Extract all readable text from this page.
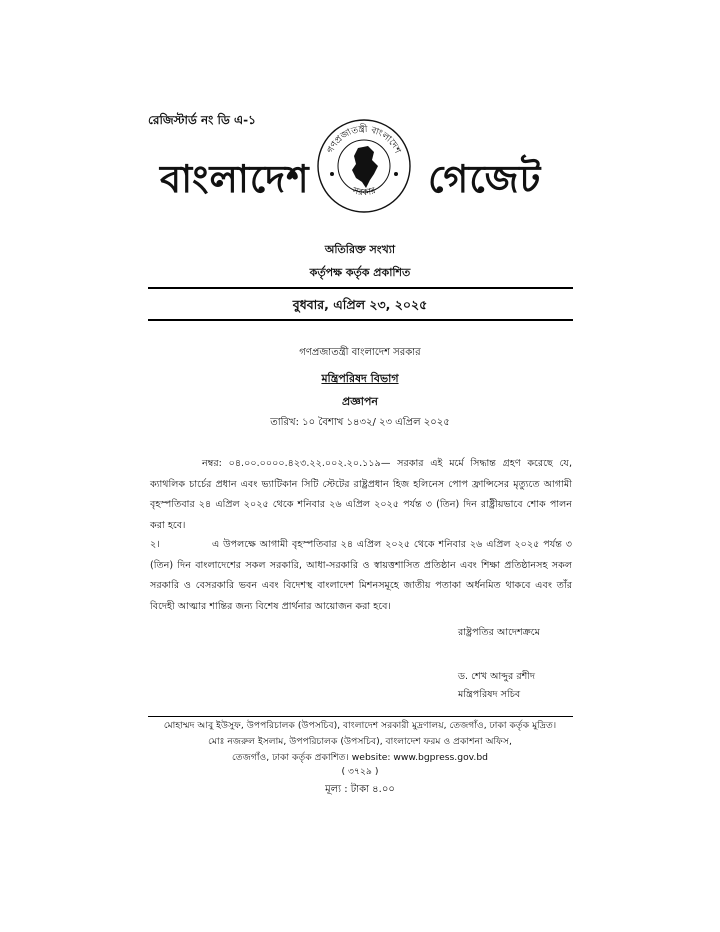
রেজিস্টার্ড নং ডি এ-১
বাংলাদেশ
গণপ্রজাতন্ত্রী বাংলাদেশ
সরকার গেজেট
অতিরিক্ত সংখ্যা
কর্তৃপক্ষ কর্তৃক প্রকাশিত
বুধবার, এপ্রিল ২৩, ২০২৫
গণপ্রজাতন্ত্রী বাংলাদেশ সরকার
মন্ত্রিপরিষদ বিভাগ
প্রজ্ঞাপন
তারিখ: ১০ বৈশাখ ১৪৩২/ ২৩ এপ্রিল ২০২৫
নম্বর: ০৪.০০.০০০০.৪২৩.২২.০০২.২০.১১৯— সরকার এই মর্মে সিদ্ধান্ত গ্রহণ করেছে যে, ক্যাথলিক চার্চের প্রধান এবং ভ্যাটিকান সিটি স্টেটের রাষ্ট্রপ্রধান হিজ হলিনেস পোপ ফ্রান্সিসের মৃত্যুতে আগামী বৃহস্পতিবার ২৪ এপ্রিল ২০২৫ থেকে শনিবার ২৬ এপ্রিল ২০২৫ পর্যন্ত ৩ (তিন) দিন রাষ্ট্রীয়ভাবে শোক পালন করা হবে।
২।	এ উপলক্ষে আগামী বৃহস্পতিবার ২৪ এপ্রিল ২০২৫ থেকে শনিবার ২৬ এপ্রিল ২০২৫ পর্যন্ত ৩ (তিন) দিন বাংলাদেশের সকল সরকারি, আধা-সরকারি ও স্বায়ত্তশাসিত প্রতিষ্ঠান এবং শিক্ষা প্রতিষ্ঠানসহ সকল সরকারি ও বেসরকারি ভবন এবং বিদেশস্থ বাংলাদেশ মিশনসমূহে জাতীয় পতাকা অর্ধনমিত থাকবে এবং তাঁর বিদেহী আত্মার শান্তির জন্য বিশেষ প্রার্থনার আয়োজন করা হবে।
রাষ্ট্রপতির আদেশক্রমে
ড. শেখ আব্দুর রশীদ
মন্ত্রিপরিষদ সচিব
মোহাম্মদ আবু ইউসুফ, উপপরিচালক (উপসচিব), বাংলাদেশ সরকারী মুদ্রণালয়, তেজগাঁও, ঢাকা কর্তৃক মুদ্রিত।
মোঃ নজরুল ইসলাম, উপপরিচালক (উপসচিব), বাংলাদেশ ফরম ও প্রকাশনা অফিস,
তেজগাঁও, ঢাকা কর্তৃক প্রকাশিত। website: www.bgpress.gov.bd
( ৩৭২৯ )
মূল্য : টাকা ৪.০০
